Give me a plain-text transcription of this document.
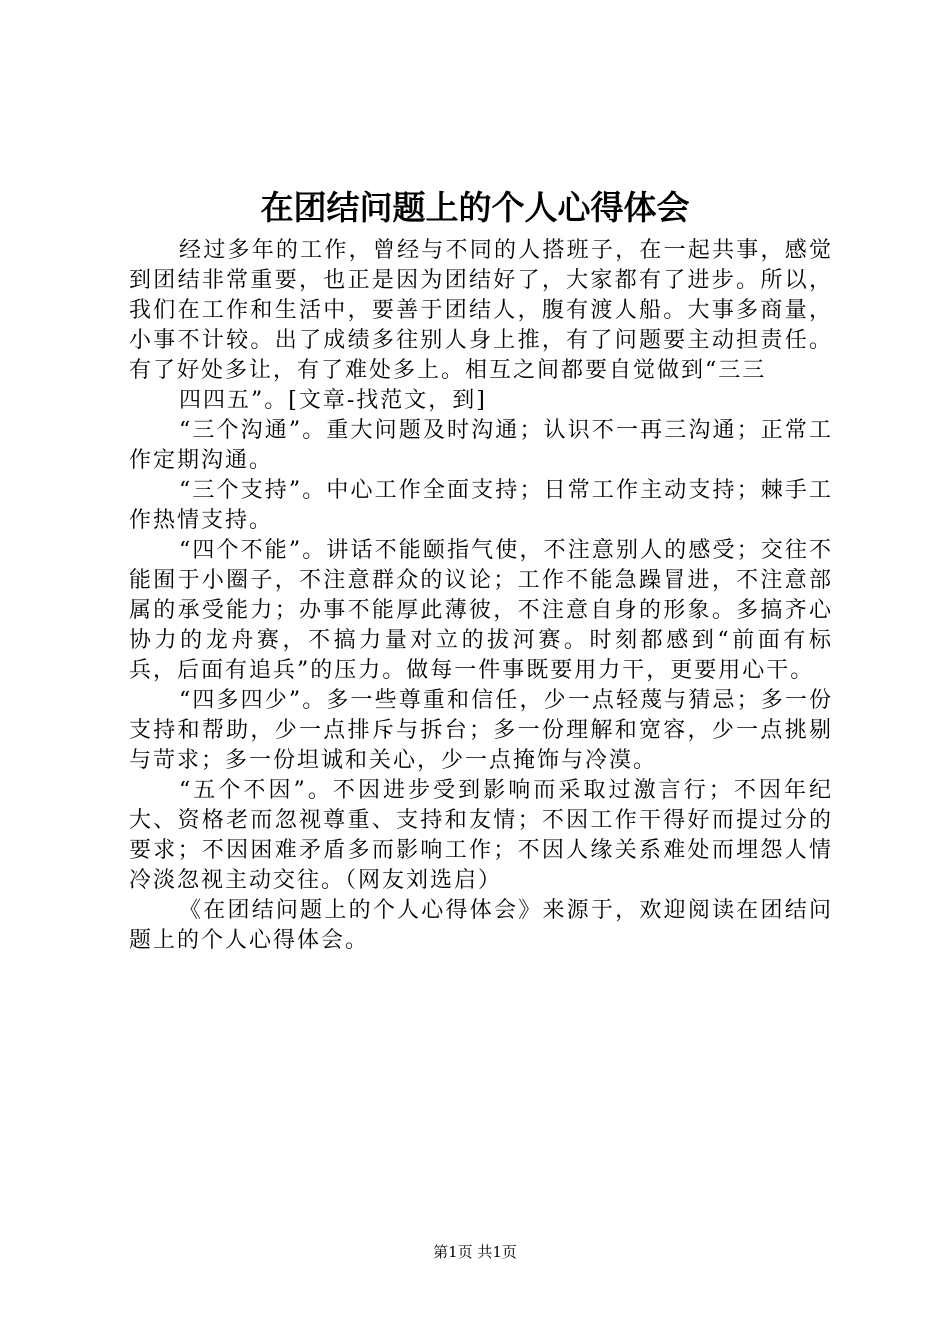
在团结问题上的个人心得体会

经过多年的工作，曾经与不同的人搭班子，在一起共事，感觉到团结非常重要，也正是因为团结好了，大家都有了进步。所以，我们在工作和生活中，要善于团结人，腹有渡人船。大事多商量，小事不计较。出了成绩多往别人身上推，有了问题要主动担责任。有了好处多让，有了难处多上。相互之间都要自觉做到“三三

四四五”。[文章-找范文，到]

“三个沟通”。重大问题及时沟通；认识不一再三沟通；正常工作定期沟通。

“三个支持”。中心工作全面支持；日常工作主动支持；棘手工作热情支持。

“四个不能”。讲话不能颐指气使，不注意别人的感受；交往不能囿于小圈子，不注意群众的议论；工作不能急躁冒进，不注意部属的承受能力；办事不能厚此薄彼，不注意自身的形象。多搞齐心协力的龙舟赛，不搞力量对立的拔河赛。时刻都感到“前面有标兵，后面有追兵”的压力。做每一件事既要用力干，更要用心干。

“四多四少”。多一些尊重和信任，少一点轻蔑与猜忌；多一份支持和帮助，少一点排斥与拆台；多一份理解和宽容，少一点挑剔与苛求；多一份坦诚和关心，少一点掩饰与冷漠。

“五个不因”。不因进步受到影响而采取过激言行；不因年纪大、资格老而忽视尊重、支持和友情；不因工作干得好而提过分的要求；不因困难矛盾多而影响工作；不因人缘关系难处而埋怨人情冷淡忽视主动交往。（网友刘选启）

《在团结问题上的个人心得体会》来源于，欢迎阅读在团结问题上的个人心得体会。

第1页 共1页
